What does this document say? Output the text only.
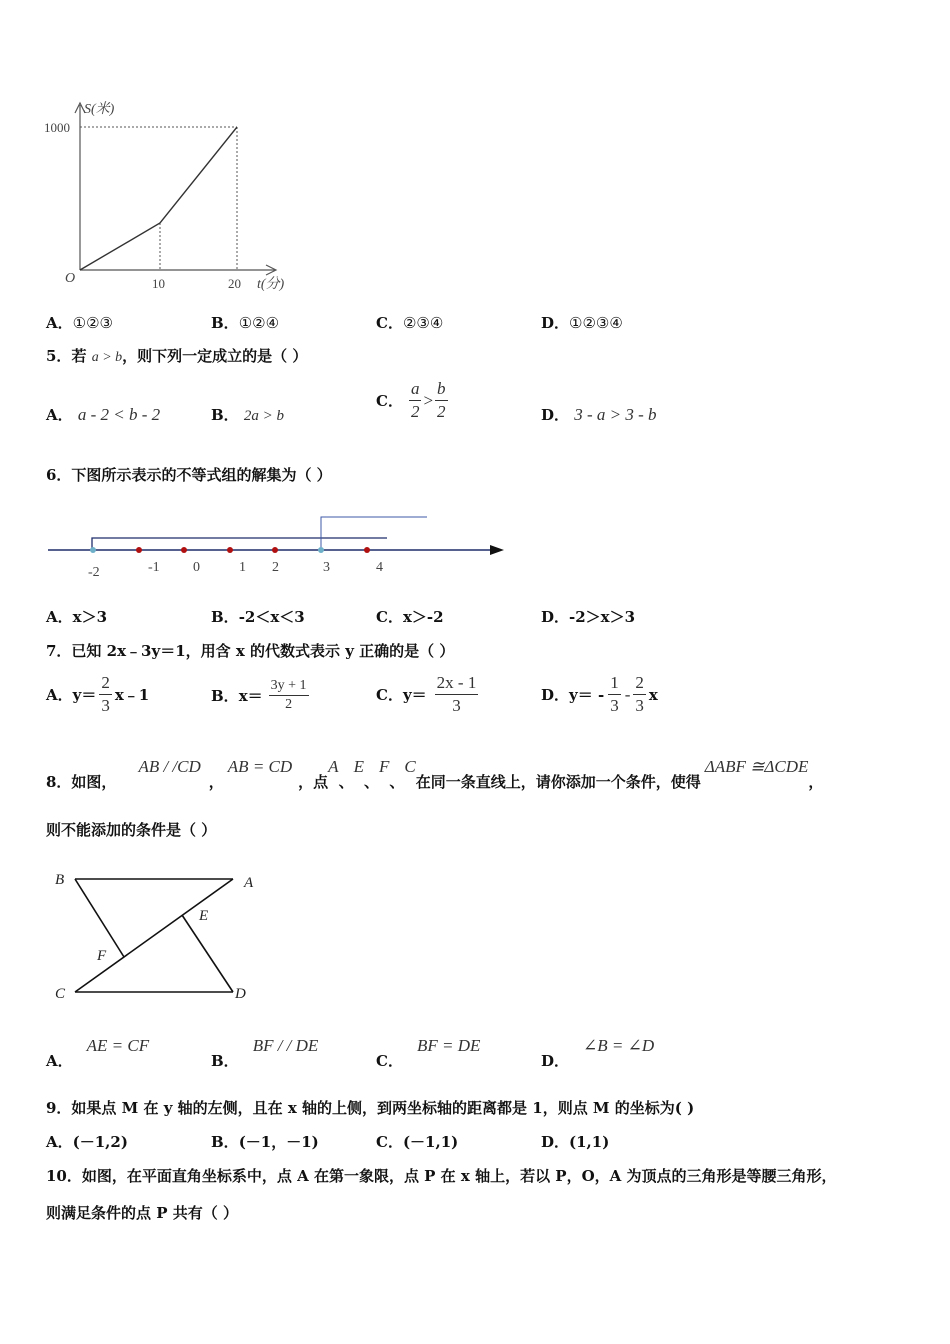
S(米)
1000
O	10	20 t(分)
A．①②③	B．①②④	C．②③④	D．①②③④
5．若 a > b，则下列一定成立的是（ ）
A． a - 2 < b - 2	B． 2a > b
C． $\frac{a}{2} > \frac{b}{2}$	D． 3 - a > 3 - b
6．下图所示表示的不等式组的解集为（ ）
-2	-1 0	1 2	3	4
A．x＞3	B．-2＜x＜3	C．x＞-2	D．-2＞x＞3
7．已知 2x﹣3y＝1，用含 x 的代数式表示 y 正确的是（ ）
A． $y= \frac{2}{3}$ x﹣1	B． $x= \frac{3y + 1}{2}$	C． $y= \frac{2x - 1}{3}$	D． $y= - \frac{1}{3} - \frac{2}{3}$ x
8．如图，
AB / /CD
，
AB = CD
，点
A
、
E
、
F
、
C
在同一条直线上，请你添加一个条件，使得
ΔABF ≅ΔCDE
，
则不能添加的条件是（ ）
B	A
E
F
C	D
A．
AE = CF
B．
BF / / DE
C．
BF = DE
D．
∠B = ∠D
9．如果点 M 在 y 轴的左侧，且在 x 轴的上侧，到两坐标轴的距离都是 1，则点 M 的坐标为( )
A．(－1,2)	B．(－1，－1)	C．(－1,1)	D．(1,1)
10．如图，在平面直角坐标系中，点 A 在第一象限，点 P 在 x 轴上，若以 P，O，A 为顶点的三角形是等腰三角形，
则满足条件的点 P 共有（ ）
